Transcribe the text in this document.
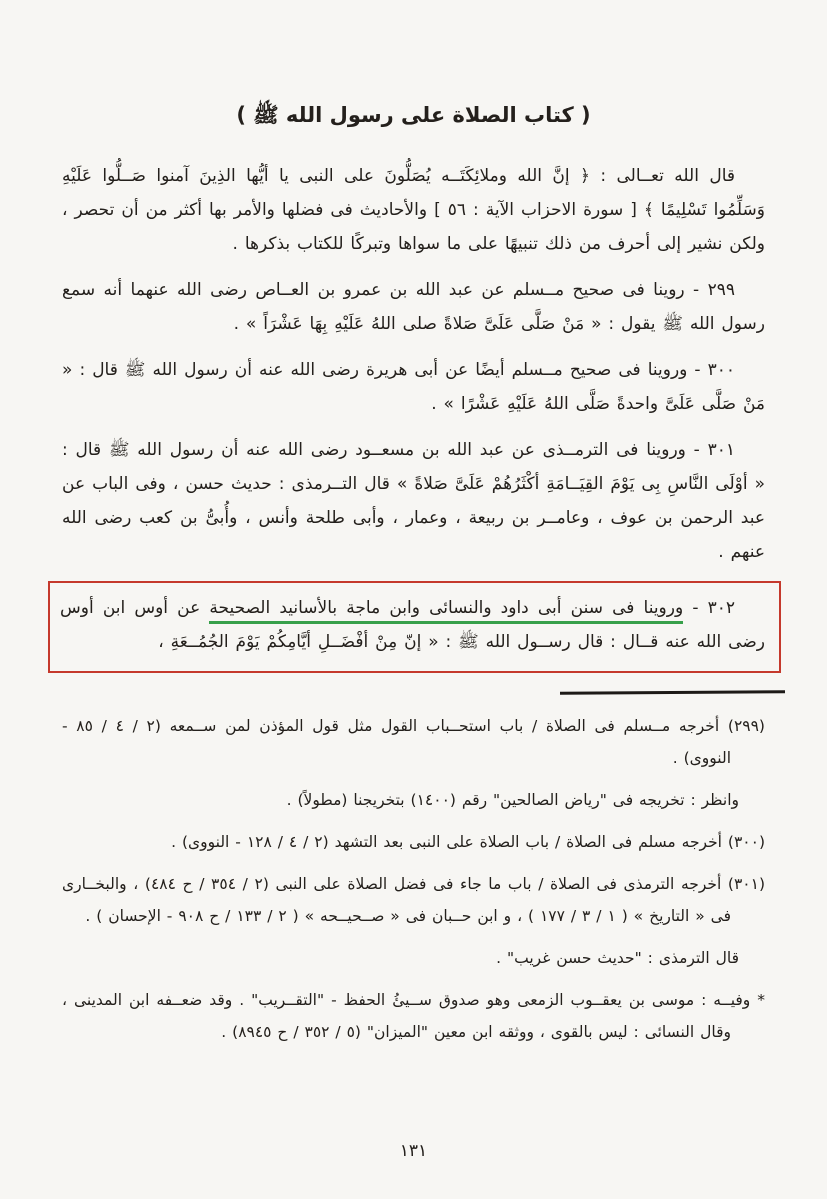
( كتاب الصلاة على رسول الله ﷺ )

قال الله تعــالى : ﴿ إنَّ الله وملائِكَتَــه يُصَلُّونَ على النبى يا أيُّها الذِينَ آمنوا صَــلُّوا عَلَيْهِ وَسَلِّمُوا تَسْلِيمًا ﴾ [ سورة الاحزاب الآية : ٥٦ ] والأحاديث فى فضلها والأمر بها أكثر من أن تحصر ، ولكن نشير إلى أحرف من ذلك تنبيهًا على ما سواها وتبركًا للكتاب بذكرها .

٢٩٩ - روينا فى صحيح مــسلم عن عبد الله بن عمرو بن العــاص رضى الله عنهما أنه سمع رسول الله ﷺ يقول : « مَنْ صَلَّى عَلَىَّ صَلاةً صلى اللهُ عَلَيْهِ بِهَا عَشْرَاً » .

٣٠٠ - وروينا فى صحيح مــسلم أيضًا عن أبى هريرة رضى الله عنه أن رسول الله ﷺ قال : « مَنْ صَلَّى عَلَىَّ واحدةً صَلَّى اللهُ عَلَيْهِ عَشْرًا » .

٣٠١ - وروينا فى الترمــذى عن عبد الله بن مسعــود رضى الله عنه أن رسول الله ﷺ قال : « أوْلَى النَّاسِ بِى يَوْمَ القِيَــامَةِ أكْثَرُهُمْ عَلَىَّ صَلاةً » قال التــرمذى : حديث حسن ، وفى الباب عن عبد الرحمن بن عوف ، وعامــر بن ربيعة ، وعمار ، وأبى طلحة وأنس ، وأُبىُّ بن كعب رضى الله عنهم .

٣٠٢ - وروينا فى سنن أبى داود والنسائى وابن ماجة بالأسانيد الصحيحة عن أوس ابن أوس رضى الله عنه قــال : قال رســول الله ﷺ : « إنّ مِنْ أفْضَــلِ أيَّامِكُمْ يَوْمَ الجُمُــعَةِ ،

(٢٩٩) أخرجه مــسلم فى الصلاة / باب استحــباب القول مثل قول المؤذن لمن ســمعه (٢ / ٤ / ٨٥ - النووى) .

وانظر : تخريجه فى "رياض الصالحين" رقم (١٤٠٠) بتخريجنا (مطولاً) .

(٣٠٠) أخرجه مسلم فى الصلاة / باب الصلاة على النبى بعد التشهد (٢ / ٤ / ١٢٨ - النووى) .

(٣٠١) أخرجه الترمذى فى الصلاة / باب ما جاء فى فضل الصلاة على النبى (٢ / ٣٥٤ / ح ٤٨٤) ، والبخــارى فى « التاريخ » ( ١ / ٣ / ١٧٧ ) ، و ابن حــبان فى « صــحيــحه » ( ٢ / ١٣٣ / ح ٩٠٨ - الإحسان ) .

قال الترمذى : "حديث حسن غريب" .

* وفيــه : موسى بن يعقــوب الزمعى وهو صدوق ســيئُ الحفظ - "التقــريب" . وقد ضعــفه ابن المدينى ، وقال النسائى : ليس بالقوى ، ووثقه ابن معين "الميزان" (٥ / ٣٥٢ / ح ٨٩٤٥) .

١٣١
